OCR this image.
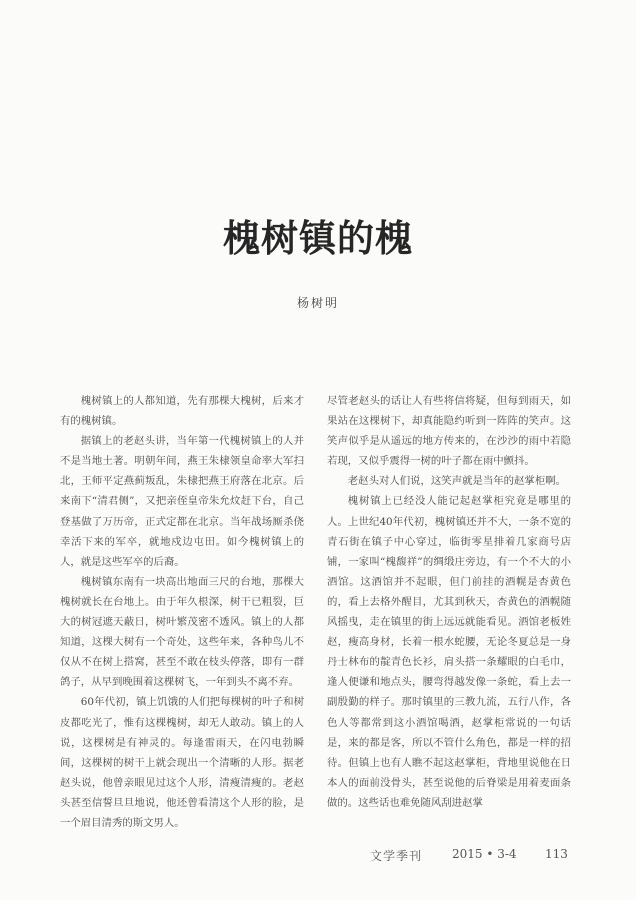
槐树镇的槐
杨树明

槐树镇上的人都知道，先有那棵大槐树，后来才有的槐树镇。

据镇上的老赵头讲，当年第一代槐树镇上的人并不是当地土著。明朝年间，燕王朱棣领皇命率大军扫北，王师平定燕蓟叛乱，朱棣把燕王府落在北京。后来南下“清君侧”，又把亲侄皇帝朱允炆赶下台，自己登基做了万历帝，正式定都在北京。当年战场厮杀侥幸活下来的军卒，就地戍边屯田。如今槐树镇上的人，就是这些军卒的后裔。

槐树镇东南有一块高出地面三尺的台地，那棵大槐树就长在台地上。由于年久根深，树干已粗裂，巨大的树冠遮天蔽日，树叶繁茂密不透风。镇上的人都知道，这棵大树有一个奇处，这些年来，各种鸟儿不仅从不在树上搭窝，甚至不敢在枝头停落，即有一群鸽子，从早到晚围着这棵树飞，一年到头不离不弃。

60年代初，镇上饥饿的人们把每棵树的叶子和树皮都吃光了，惟有这棵槐树，却无人敢动。镇上的人说，这棵树是有神灵的。每逢雷雨天，在闪电勃瞬间，这棵树的树干上就会现出一个清晰的人形。据老赵头说，他曾亲眼见过这个人形，清瘦清瘦的。老赵头甚至信誓旦旦地说，他还曾看清这个人形的脸，是一个眉目清秀的斯文男人。

尽管老赵头的话让人有些将信将疑，但每到雨天，如果站在这棵树下，却真能隐约听到一阵阵的笑声。这笑声似乎是从遥远的地方传来的，在沙沙的雨中若隐若现，又似乎震得一树的叶子都在雨中颤抖。

老赵头对人们说，这笑声就是当年的赵掌柜啊。

槐树镇上已经没人能记起赵掌柜究竟是哪里的人。上世纪40年代初，槐树镇还并不大，一条不宽的青石街在镇子中心穿过，临街零星排着几家商号店铺，一家叫“槐馥祥”的绸缎庄旁边，有一个不大的小酒馆。这酒馆并不起眼，但门前挂的酒幌是杏黄色的，看上去格外醒目，尤其到秋天，杏黄色的酒幌随风摇曳，走在镇里的街上远远就能看见。酒馆老板姓赵，瘦高身材，长着一根水蛇腰，无论冬夏总是一身丹士林布的靛青色长衫，肩头搭一条耀眼的白毛巾，逢人便谦和地点头，腰弯得越发像一条蛇，看上去一副殷勤的样子。那时镇里的三教九流，五行八作，各色人等都常到这小酒馆喝酒，赵掌柜常说的一句话是，来的都是客，所以不管什么角色，都是一样的招待。但镇上也有人瞧不起这赵掌柜，背地里说他在日本人的面前没骨头，甚至说他的后脊梁是用着麦面条做的。这些话也难免随风刮进赵掌

文学季刊 2015 • 3-4 113
